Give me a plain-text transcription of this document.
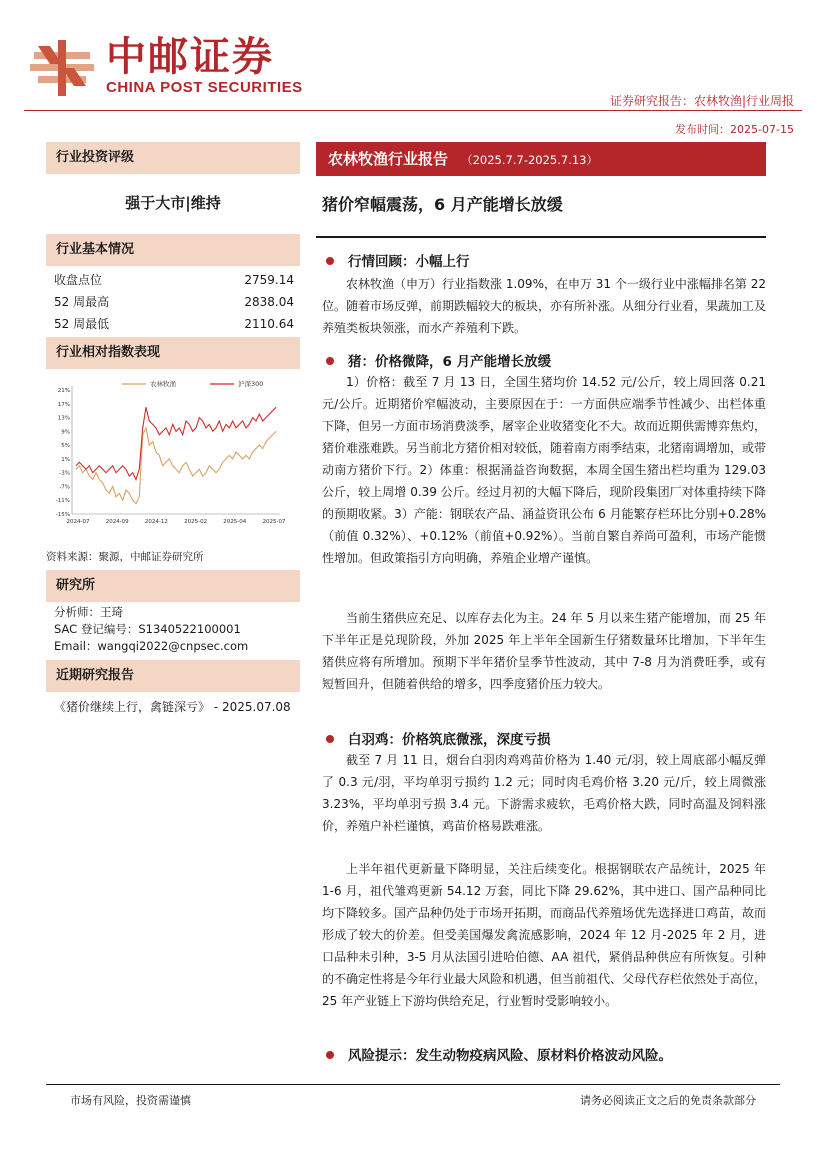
中邮证券
CHINA POST SECURITIES
证券研究报告：农林牧渔|行业周报
发布时间：2025-07-15
行业投资评级
强于大市|维持
行业基本情况
收盘点位	2759.14
52 周最高	2838.04
52 周最低	2110.64
行业相对指数表现
21%
17%
13%
9%
5%
1%
-3%
-7%
-11%
-15%
2024-07	2024-09	2024-12	2025-02	2025-04	2025-07
农林牧渔	沪深300
资料来源：聚源，中邮证券研究所
研究所
分析师：王琦
SAC 登记编号：S1340522100001
Email：wangqi2022@cnpsec.com
近期研究报告
《猪价继续上行，禽链深亏》 - 2025.07.08
农林牧渔行业报告 （2025.7.7-2025.7.13）
猪价窄幅震荡，6 月产能增长放缓
行情回顾：小幅上行
农林牧渔（申万）行业指数涨 1.09%，在申万 31 个一级行业中涨幅排名第 22 位。随着市场反弹，前期跌幅较大的板块，亦有所补涨。从细分行业看，果蔬加工及养殖类板块领涨，而水产养殖利下跌。
猪：价格微降，6 月产能增长放缓
1）价格：截至 7 月 13 日，全国生猪均价 14.52 元/公斤，较上周回落 0.21 元/公斤。近期猪价窄幅波动，主要原因在于：一方面供应端季节性减少、出栏体重下降，但另一方面市场消费淡季，屠宰企业收猪变化不大。故而近期供需博弈焦灼，猪价难涨难跌。另当前北方猪价相对较低，随着南方雨季结束，北猪南调增加，或带动南方猪价下行。2）体重：根据涌益咨询数据，本周全国生猪出栏均重为 129.03 公斤，较上周增 0.39 公斤。经过月初的大幅下降后，现阶段集团厂对体重持续下降的预期收紧。3）产能：钢联农产品、涌益资讯公布 6 月能繁存栏环比分别+0.28%（前值 0.32%）、+0.12%（前值+0.92%）。当前自繁自养尚可盈利，市场产能惯性增加。但政策指引方向明确，养殖企业增产谨慎。
当前生猪供应充足、以库存去化为主。24 年 5 月以来生猪产能增加，而 25 年下半年正是兑现阶段，外加 2025 年上半年全国新生仔猪数量环比增加，下半年生猪供应将有所增加。预期下半年猪价呈季节性波动，其中 7-8 月为消费旺季，或有短暂回升，但随着供给的增多，四季度猪价压力较大。
白羽鸡：价格筑底微涨，深度亏损
截至 7 月 11 日，烟台白羽肉鸡鸡苗价格为 1.40 元/羽，较上周底部小幅反弹了 0.3 元/羽，平均单羽亏损约 1.2 元；同时肉毛鸡价格 3.20 元/斤，较上周微涨 3.23%，平均单羽亏损 3.4 元。下游需求疲软，毛鸡价格大跌，同时高温及饲料涨价，养殖户补栏谨慎，鸡苗价格易跌难涨。
上半年祖代更新量下降明显，关注后续变化。根据钢联农产品统计，2025 年 1-6 月，祖代雏鸡更新 54.12 万套，同比下降 29.62%，其中进口、国产品种同比均下降较多。国产品种仍处于市场开拓期，而商品代养殖场优先选择进口鸡苗，故而形成了较大的价差。但受美国爆发禽流感影响，2024 年 12 月-2025 年 2 月，进口品种未引种，3-5 月从法国引进哈伯德、AA 祖代，紧俏品种供应有所恢复。引种的不确定性将是今年行业最大风险和机遇，但当前祖代、父母代存栏依然处于高位，25 年产业链上下游均供给充足，行业暂时受影响较小。
风险提示：发生动物疫病风险、原材料价格波动风险。
市场有风险，投资需谨慎	请务必阅读正文之后的免责条款部分
